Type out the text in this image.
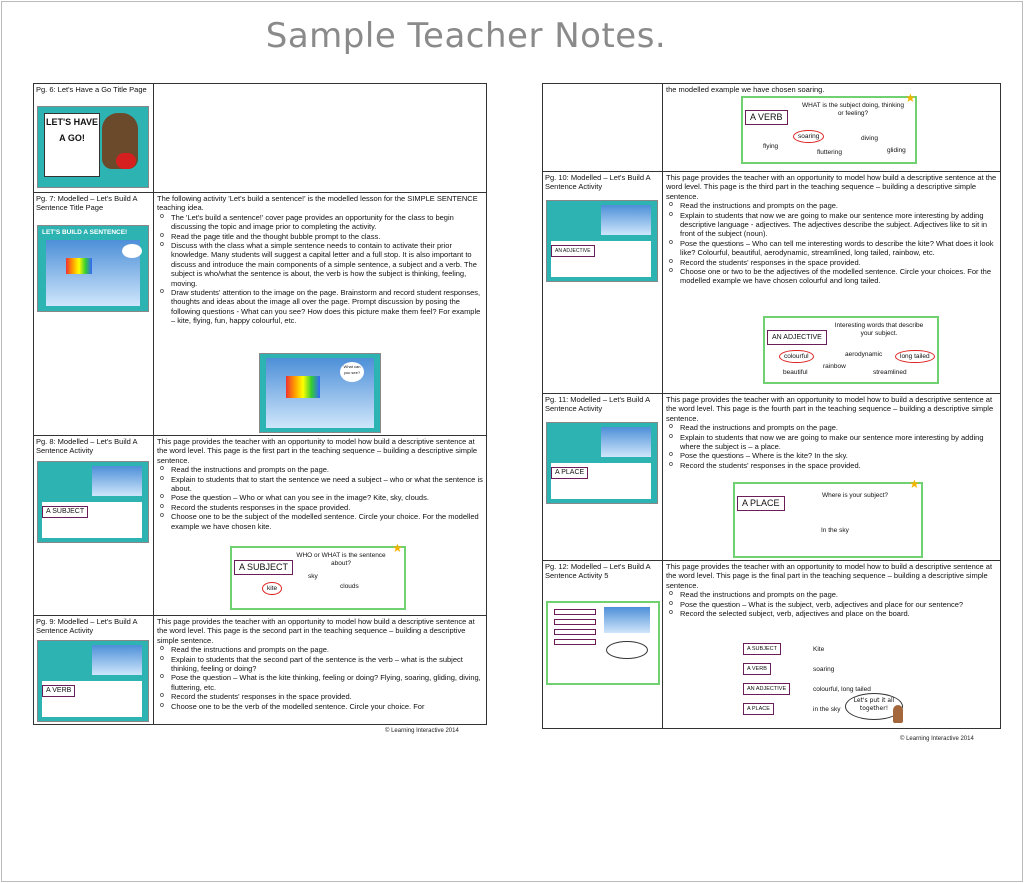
Sample Teacher Notes.
Pg. 6: Let's Have a Go Title Page
LET'S HAVE A GO!
Pg. 7: Modelled – Let's Build A Sentence Title Page
LET'S BUILD A SENTENCE!
The following activity 'Let's build a sentence!' is the modelled lesson for the SIMPLE SENTENCE teaching idea.
o The 'Let's build a sentence!' cover page provides an opportunity for the class to begin discussing the topic and image prior to completing the activity.
o Read the page title and the thought bubble prompt to the class.
o Discuss with the class what a simple sentence needs to contain to activate their prior knowledge. Many students will suggest a capital letter and a full stop. It is also important to discuss and introduce the main components of a simple sentence, a subject and a verb. The subject is who/what the sentence is about, the verb is how the subject is thinking, feeling, moving.
o Draw students' attention to the image on the page. Brainstorm and record student responses, thoughts and ideas about the image all over the page. Prompt discussion by posing the following questions - What can you see? How does this picture make them feel? For example – kite, flying, fun, happy colourful, etc.
What can you see?
Pg. 8: Modelled – Let's Build A Sentence Activity
A SUBJECT
This page provides the teacher with an opportunity to model how build a descriptive sentence at the word level. This page is the first part in the teaching sequence – building a descriptive simple sentence.
o Read the instructions and prompts on the page.
o Explain to students that to start the sentence we need a subject – who or what the sentence is about.
o Pose the question – Who or what can you see in the image? Kite, sky, clouds.
o Record the students responses in the space provided.
o Choose one to be the subject of the modelled sentence. Circle your choice. For the modelled example we have chosen kite.
A SUBJECT
WHO or WHAT is the sentence about?
sky
clouds
kite
★
Pg. 9: Modelled – Let's Build A Sentence Activity
A VERB
This page provides the teacher with an opportunity to model how build a descriptive sentence at the word level. This page is the second part in the teaching sequence – building a descriptive simple sentence.
o Read the instructions and prompts on the page.
o Explain to students that the second part of the sentence is the verb – what is the subject thinking, feeling or doing?
o Pose the question – What is the kite thinking, feeling or doing? Flying, soaring, gliding, diving, fluttering, etc.
o Record the students' responses in the space provided.
o Choose one to be the verb of the modelled sentence. Circle your choice. For
© Learning Interactive 2014
the modelled example we have chosen soaring.
A VERB
WHAT is the subject doing, thinking or feeling?
soaring	diving
flying
fluttering	gliding
★
Pg. 10: Modelled – Let's Build A Sentence Activity
AN ADJECTIVE
This page provides the teacher with an opportunity to model how build a descriptive sentence at the word level. This page is the third part in the teaching sequence – building a descriptive simple sentence.
o Read the instructions and prompts on the page.
o Explain to students that now we are going to make our sentence more interesting by adding descriptive language - adjectives. The adjectives describe the subject. Adjectives like to sit in front of the subject (noun).
o Pose the questions – Who can tell me interesting words to describe the kite? What does it look like? Colourful, beautiful, aerodynamic, streamlined, long tailed, rainbow, etc.
o Record the students' responses in the space provided.
o Choose one or two to be the adjectives of the modelled sentence. Circle your choices. For the modelled example we have chosen colourful and long tailed.
AN ADJECTIVE
Interesting words that describe your subject.
colourful	aerodynamic	long tailed
rainbow
beautiful	streamlined
Pg. 11: Modelled – Let's Build A Sentence Activity
A PLACE
This page provides the teacher with an opportunity to model how to build a descriptive sentence at the word level. This page is the fourth part in the teaching sequence – building a descriptive simple sentence.
o Read the instructions and prompts on the page.
o Explain to students that now we are going to make our sentence more interesting by adding where the subject is – a place.
o Pose the questions – Where is the kite? In the sky.
o Record the students' responses in the space provided.
A PLACE
Where is your subject?
In the sky
★
Pg. 12: Modelled – Let's Build A Sentence Activity 5
This page provides the teacher with an opportunity to model how to build a descriptive sentence at the word level. This page is the final part in the teaching sequence – building a descriptive simple sentence.
o Read the instructions and prompts on the page.
o Pose the question – What is the subject, verb, adjectives and place for our sentence?
o Record the selected subject, verb, adjectives and place on the board.
A SUBJECT	Kite
A VERB	soaring
AN ADJECTIVE	colourful, long tailed
A PLACE	in the sky
Let's put it all together!
© Learning Interactive 2014
